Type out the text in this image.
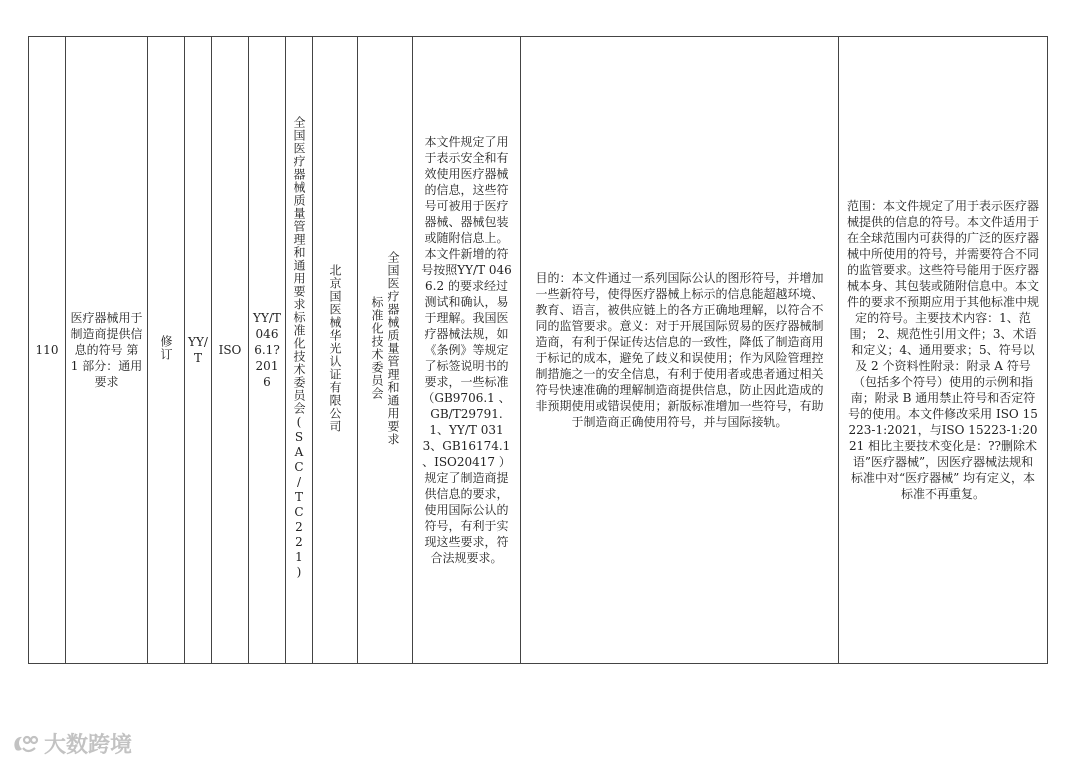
110	医疗器械用于制造商提供信息的符号 第 1 部分：通用要求	修订	YY/T	ISO	YY/T 0466.1?2016	全国医疗器械质量管理和通用要求标准化技术委员会(SAC/TC221)	北京国医械华光认证有限公司	全国医疗器械质量管理和通用要求标准化技术委员会	本文件规定了用于表示安全和有效使用医疗器械的信息，这些符号可被用于医疗器械、器械包装或随附信息上。本文件新增的符号按照YY/T 0466.2 的要求经过测试和确认，易于理解。我国医疗器械法规，如《条例》等规定了标签说明书的要求，一些标准（GB9706.1 、GB/T29791.1、YY/T 0313、GB16174.1 、ISO20417 ）规定了制造商提供信息的要求，使用国际公认的符号，有利于实现这些要求，符合法规要求。	目的：本文件通过一系列国际公认的图形符号，并增加一些新符号，使得医疗器械上标示的信息能超越环境、教育、语言，被供应链上的各方正确地理解，以符合不同的监管要求。意义：对于开展国际贸易的医疗器械制造商，有利于保证传达信息的一致性，降低了制造商用于标记的成本，避免了歧义和误使用；作为风险管理控制措施之一的安全信息，有利于使用者或患者通过相关符号快速准确的理解制造商提供信息，防止因此造成的非预期使用或错误使用；新版标准增加一些符号，有助于制造商正确使用符号，并与国际接轨。	范围：本文件规定了用于表示医疗器械提供的信息的符号。本文件适用于在全球范围内可获得的广泛的医疗器械中所使用的符号，并需要符合不同的监管要求。这些符号能用于医疗器械本身、其包装或随附信息中。本文件的要求不预期应用于其他标准中规定的符号。主要技术内容：1、范围； 2、规范性引用文件；3、术语和定义；4、通用要求；5、符号以及 2 个资料性附录：附录 A 符号（包括多个符号）使用的示例和指南；附录 B 通用禁止符号和否定符号的使用。本文件修改采用 ISO 15223-1:2021，与ISO 15223-1:2021 相比主要技术变化是：??删除术语”医疗器械”，因医疗器械法规和标准中对“医疗器械” 均有定义，本标准不再重复。
大数跨境
